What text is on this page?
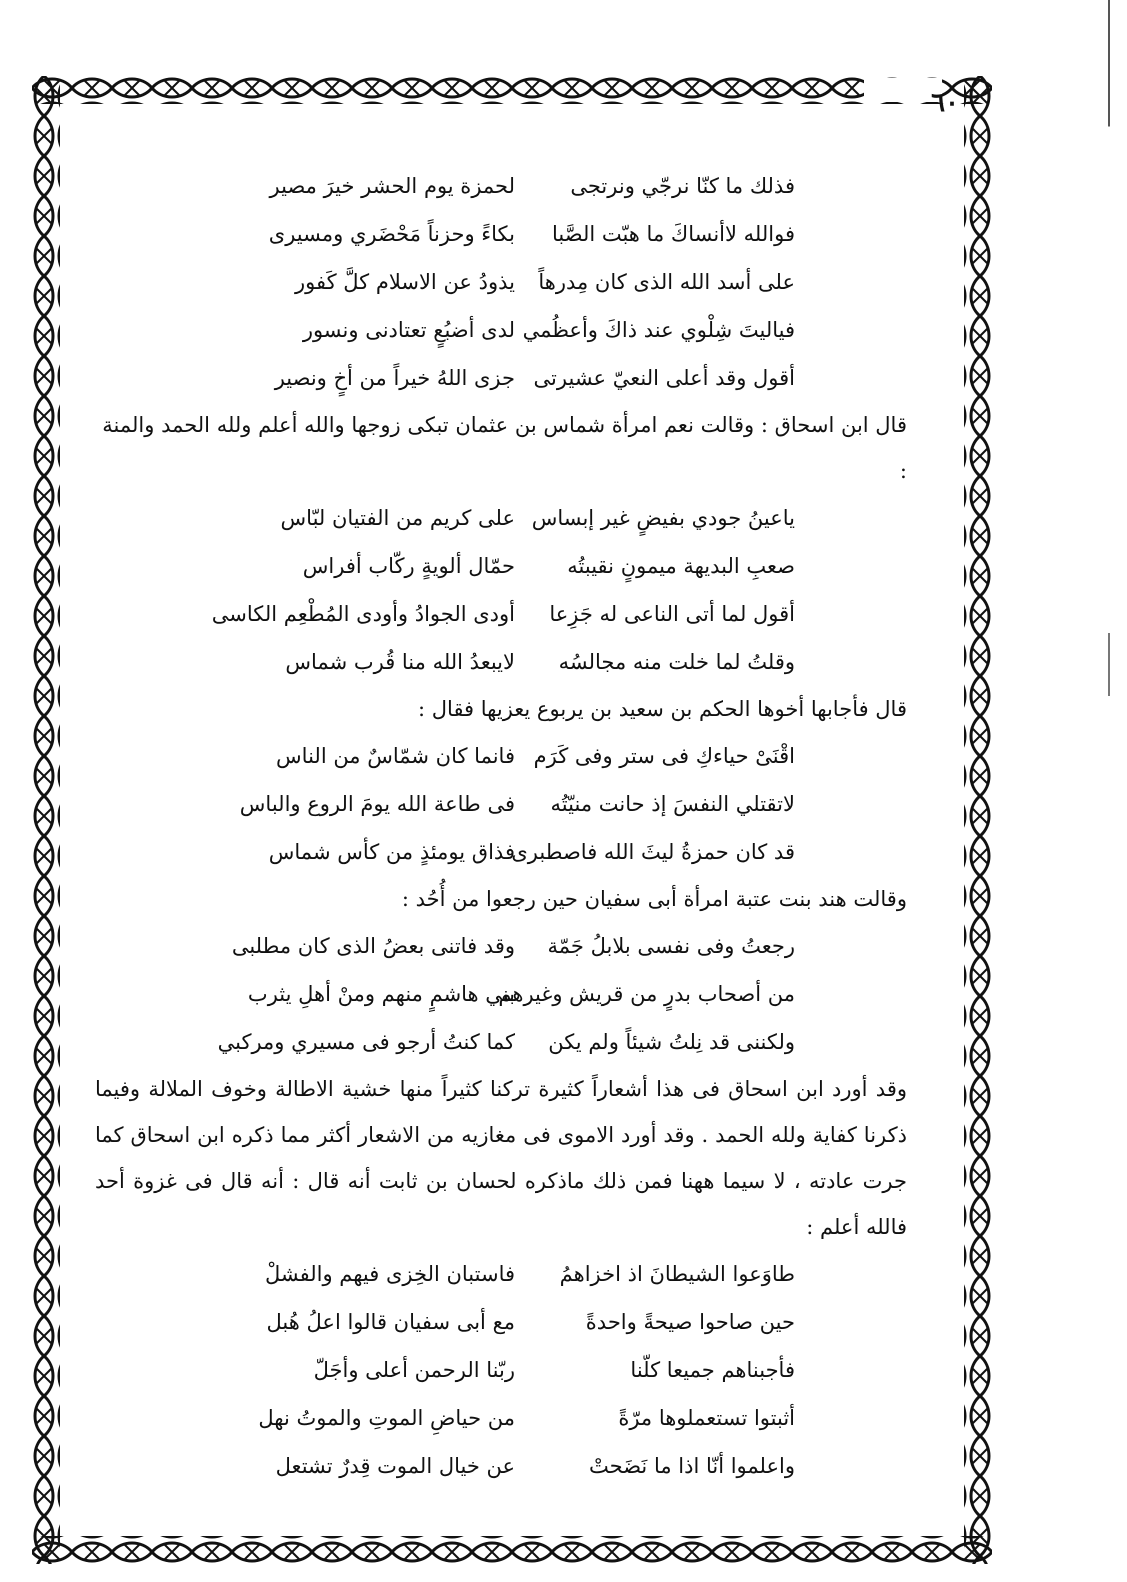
٦٠
فذلك ما كنّا نرجّي ونرتجى
لحمزة يوم الحشر خيرَ مصير
فوالله لاأنساكَ ما هبّت الصَّبا
بكاءً وحزناً مَحْضَري ومسيرى
على أسد الله الذى كان مِدرهاً
يذودُ عن الاسلام كلَّ كَفور
فياليتَ شِلْوي عند ذاكَ وأعظُمي
لدى أضبُعٍ تعتادنى ونسور
أقول وقد أعلى النعيّ عشيرتى
جزى اللهُ خيراً من أخٍ ونصير

قال ابن اسحاق : وقالت نعم امرأة شماس بن عثمان تبكى زوجها والله أعلم ولله الحمد والمنة :

ياعينُ جودي بفيضٍ غير إبساس
على كريم من الفتيان لبّاس
صعبِ البديهة ميمونٍ نقيبتُه
حمّال ألويةٍ ركّاب أفراس
أقول لما أتى الناعى له جَزِعا
أودى الجوادُ وأودى المُطْعِم الكاسى
وقلتُ لما خلت منه مجالسُه
لايبعدُ الله منا قُرب شماس

قال فأجابها أخوها الحكم بن سعيد بن يربوع يعزيها فقال :

اقْنَىْ حياءكِ فى ستر وفى كَرَم
فانما كان شمّاسٌ من الناس
لاتقتلي النفسَ إذ حانت منيّتُه
فى طاعة الله يومَ الروع والباس
قد كان حمزةُ ليثَ الله فاصطبرى
فذاق يومئذٍ من كأس شماس

وقالت هند بنت عتبة امرأة أبى سفيان حين رجعوا من أُحُد :

رجعتُ وفى نفسى بلابلُ جَمّة
وقد فاتنى بعضُ الذى كان مطلبى
من أصحاب بدرٍ من قريش وغيرهم
بني هاشمٍ منهم ومنْ أهلِ يثرب
ولكننى قد نِلتُ شيئاً ولم يكن
كما كنتُ أرجو فى مسيري ومركبي

وقد أورد ابن اسحاق فى هذا أشعاراً كثيرة تركنا كثيراً منها خشية الاطالة وخوف الملالة وفيما ذكرنا كفاية ولله الحمد . وقد أورد الاموى فى مغازيه من الاشعار أكثر مما ذكره ابن اسحاق كما جرت عادته ، لا سيما ههنا فمن ذلك ماذكره لحسان بن ثابت أنه قال : أنه قال فى غزوة أحد فالله أعلم :

طاوَعوا الشيطانَ اذ اخزاهمُ
فاستبان الخِزى فيهم والفشلْ
حين صاحوا صيحةً واحدةً
مع أبى سفيان قالوا اعلُ هُبل
فأجبناهم جميعا كلّنا
ربّنا الرحمن أعلى وأجَلّ
أثبتوا تستعملوها مرّةً
من حياضِ الموتِ والموتُ نهل
واعلموا أنّا اذا ما نَضَحتْ
عن خيال الموت قِدرٌ تشتعل
